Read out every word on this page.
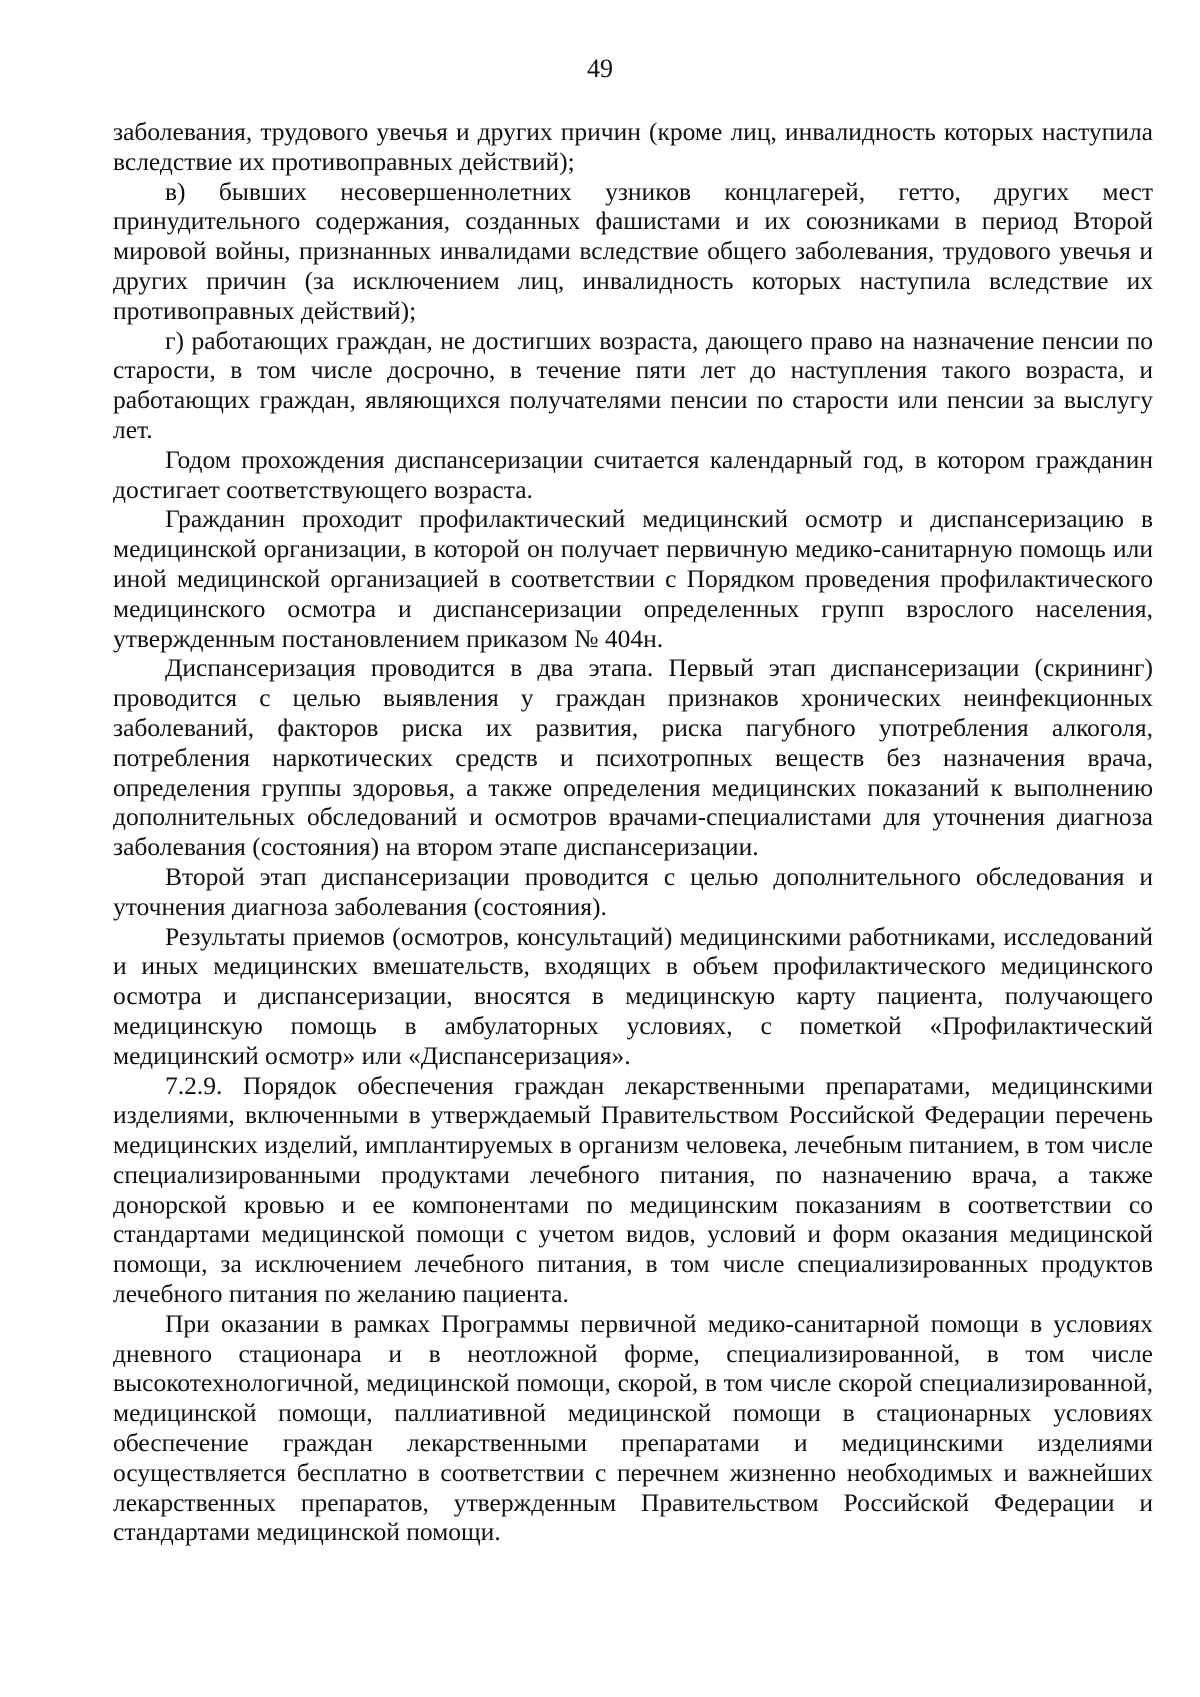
49

заболевания, трудового увечья и других причин (кроме лиц, инвалидность которых наступила вследствие их противоправных действий);

в) бывших несовершеннолетних узников концлагерей, гетто, других мест принудительного содержания, созданных фашистами и их союзниками в период Второй мировой войны, признанных инвалидами вследствие общего заболевания, трудового увечья и других причин (за исключением лиц, инвалидность которых наступила вследствие их противоправных действий);

г) работающих граждан, не достигших возраста, дающего право на назначение пенсии по старости, в том числе досрочно, в течение пяти лет до наступления такого возраста, и работающих граждан, являющихся получателями пенсии по старости или пенсии за выслугу лет.

Годом прохождения диспансеризации считается календарный год, в котором гражданин достигает соответствующего возраста.

Гражданин проходит профилактический медицинский осмотр и диспансеризацию в медицинской организации, в которой он получает первичную медико-санитарную помощь или иной медицинской организацией в соответствии с Порядком проведения профилактического медицинского осмотра и диспансеризации определенных групп взрослого населения, утвержденным постановлением приказом № 404н.

Диспансеризация проводится в два этапа. Первый этап диспансеризации (скрининг) проводится с целью выявления у граждан признаков хронических неинфекционных заболеваний, факторов риска их развития, риска пагубного употребления алкоголя, потребления наркотических средств и психотропных веществ без назначения врача, определения группы здоровья, а также определения медицинских показаний к выполнению дополнительных обследований и осмотров врачами-специалистами для уточнения диагноза заболевания (состояния) на втором этапе диспансеризации.

Второй этап диспансеризации проводится с целью дополнительного обследования и уточнения диагноза заболевания (состояния).

Результаты приемов (осмотров, консультаций) медицинскими работниками, исследований и иных медицинских вмешательств, входящих в объем профилактического медицинского осмотра и диспансеризации, вносятся в медицинскую карту пациента, получающего медицинскую помощь в амбулаторных условиях, с пометкой «Профилактический медицинский осмотр» или «Диспансеризация».

7.2.9. Порядок обеспечения граждан лекарственными препаратами, медицинскими изделиями, включенными в утверждаемый Правительством Российской Федерации перечень медицинских изделий, имплантируемых в организм человека, лечебным питанием, в том числе специализированными продуктами лечебного питания, по назначению врача, а также донорской кровью и ее компонентами по медицинским показаниям в соответствии со стандартами медицинской помощи с учетом видов, условий и форм оказания медицинской помощи, за исключением лечебного питания, в том числе специализированных продуктов лечебного питания по желанию пациента.

При оказании в рамках Программы первичной медико-санитарной помощи в условиях дневного стационара и в неотложной форме, специализированной, в том числе высокотехнологичной, медицинской помощи, скорой, в том числе скорой специализированной, медицинской помощи, паллиативной медицинской помощи в стационарных условиях обеспечение граждан лекарственными препаратами и медицинскими изделиями осуществляется бесплатно в соответствии с перечнем жизненно необходимых и важнейших лекарственных препаратов, утвержденным Правительством Российской Федерации и стандартами медицинской помощи.
